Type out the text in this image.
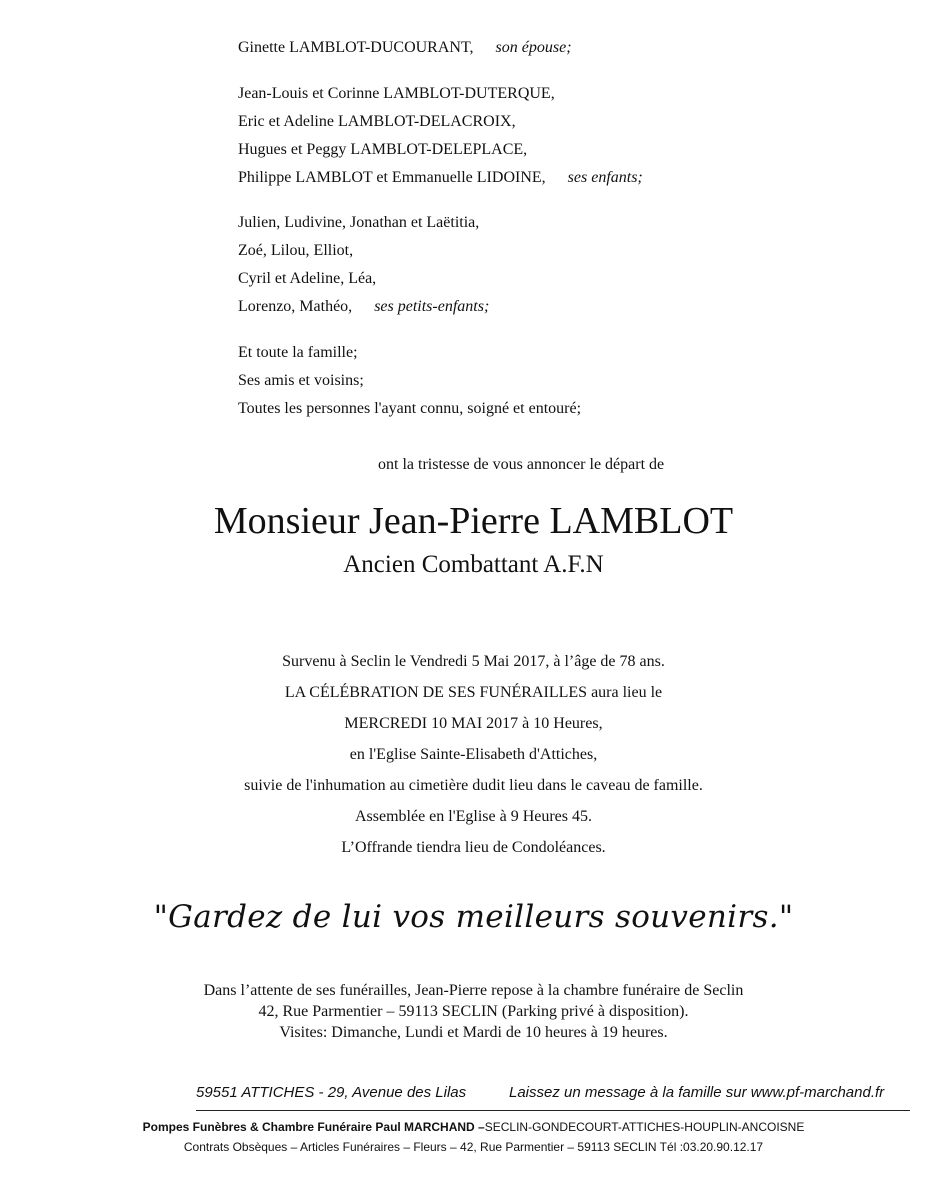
Ginette LAMBLOT-DUCOURANT, son épouse;
Jean-Louis et Corinne LAMBLOT-DUTERQUE,
Eric et Adeline LAMBLOT-DELACROIX,
Hugues et Peggy LAMBLOT-DELEPLACE,
Philippe LAMBLOT et Emmanuelle LIDOINE, ses enfants;
Julien, Ludivine, Jonathan et Laëtitia,
Zoé, Lilou, Elliot,
Cyril et Adeline, Léa,
Lorenzo, Mathéo, ses petits-enfants;
Et toute la famille;
Ses amis et voisins;
Toutes les personnes l'ayant connu, soigné et entouré;
ont la tristesse de vous annoncer le départ de
Monsieur Jean-Pierre LAMBLOT
Ancien Combattant A.F.N
Survenu à Seclin le Vendredi 5 Mai 2017, à l’âge de 78 ans.
LA CÉLÉBRATION DE SES FUNÉRAILLES aura lieu le
MERCREDI 10 MAI 2017 à 10 Heures,
en l'Eglise Sainte-Elisabeth d'Attiches,
suivie de l'inhumation au cimetière dudit lieu dans le caveau de famille.
Assemblée en l'Eglise à 9 Heures 45.
L’Offrande tiendra lieu de Condoléances.
"Gardez de lui vos meilleurs souvenirs."
Dans l’attente de ses funérailles, Jean-Pierre repose à la chambre funéraire de Seclin
42, Rue Parmentier – 59113 SECLIN (Parking privé à disposition).
Visites: Dimanche, Lundi et Mardi de 10 heures à 19 heures.
59551 ATTICHES - 29, Avenue des Lilas	Laissez un message à la famille sur www.pf-marchand.fr
Pompes Funèbres & Chambre Funéraire Paul MARCHAND –SECLIN-GONDECOURT-ATTICHES-HOUPLIN-ANCOISNE
Contrats Obsèques – Articles Funéraires – Fleurs – 42, Rue Parmentier – 59113 SECLIN Tél :03.20.90.12.17
